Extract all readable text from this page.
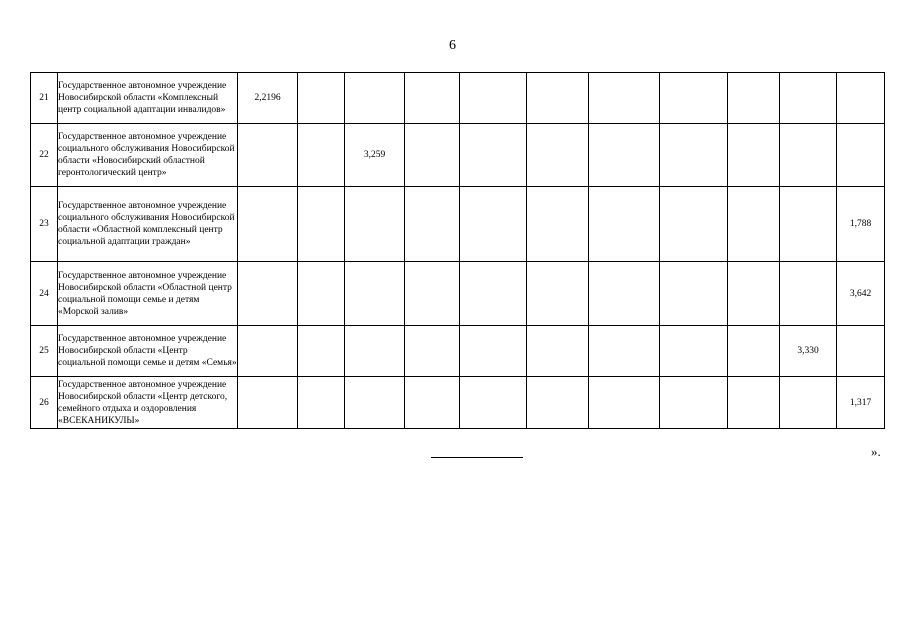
6
21	Государственное автономное учреждение Новосибирской области «Комплексный центр социальной адаптации инвалидов»	2,2196										
22	Государственное автономное учреждение социального обслуживания Новосибирской области «Новосибирский областной геронтологический центр»			3,259								
23	Государственное автономное учреждение социального обслуживания Новосибирской области «Областной комплексный центр социальной адаптации граждан»											1,788
24	Государственное автономное учреждение Новосибирской области «Областной центр социальной помощи семье и детям «Морской залив»											3,642
25	Государственное автономное учреждение Новосибирской области «Центр социальной помощи семье и детям «Семья»										3,330	
26	Государственное автономное учреждение Новосибирской области «Центр детского, семейного отдыха и оздоровления «ВСЕКАНИКУЛЫ»											1,317
».
